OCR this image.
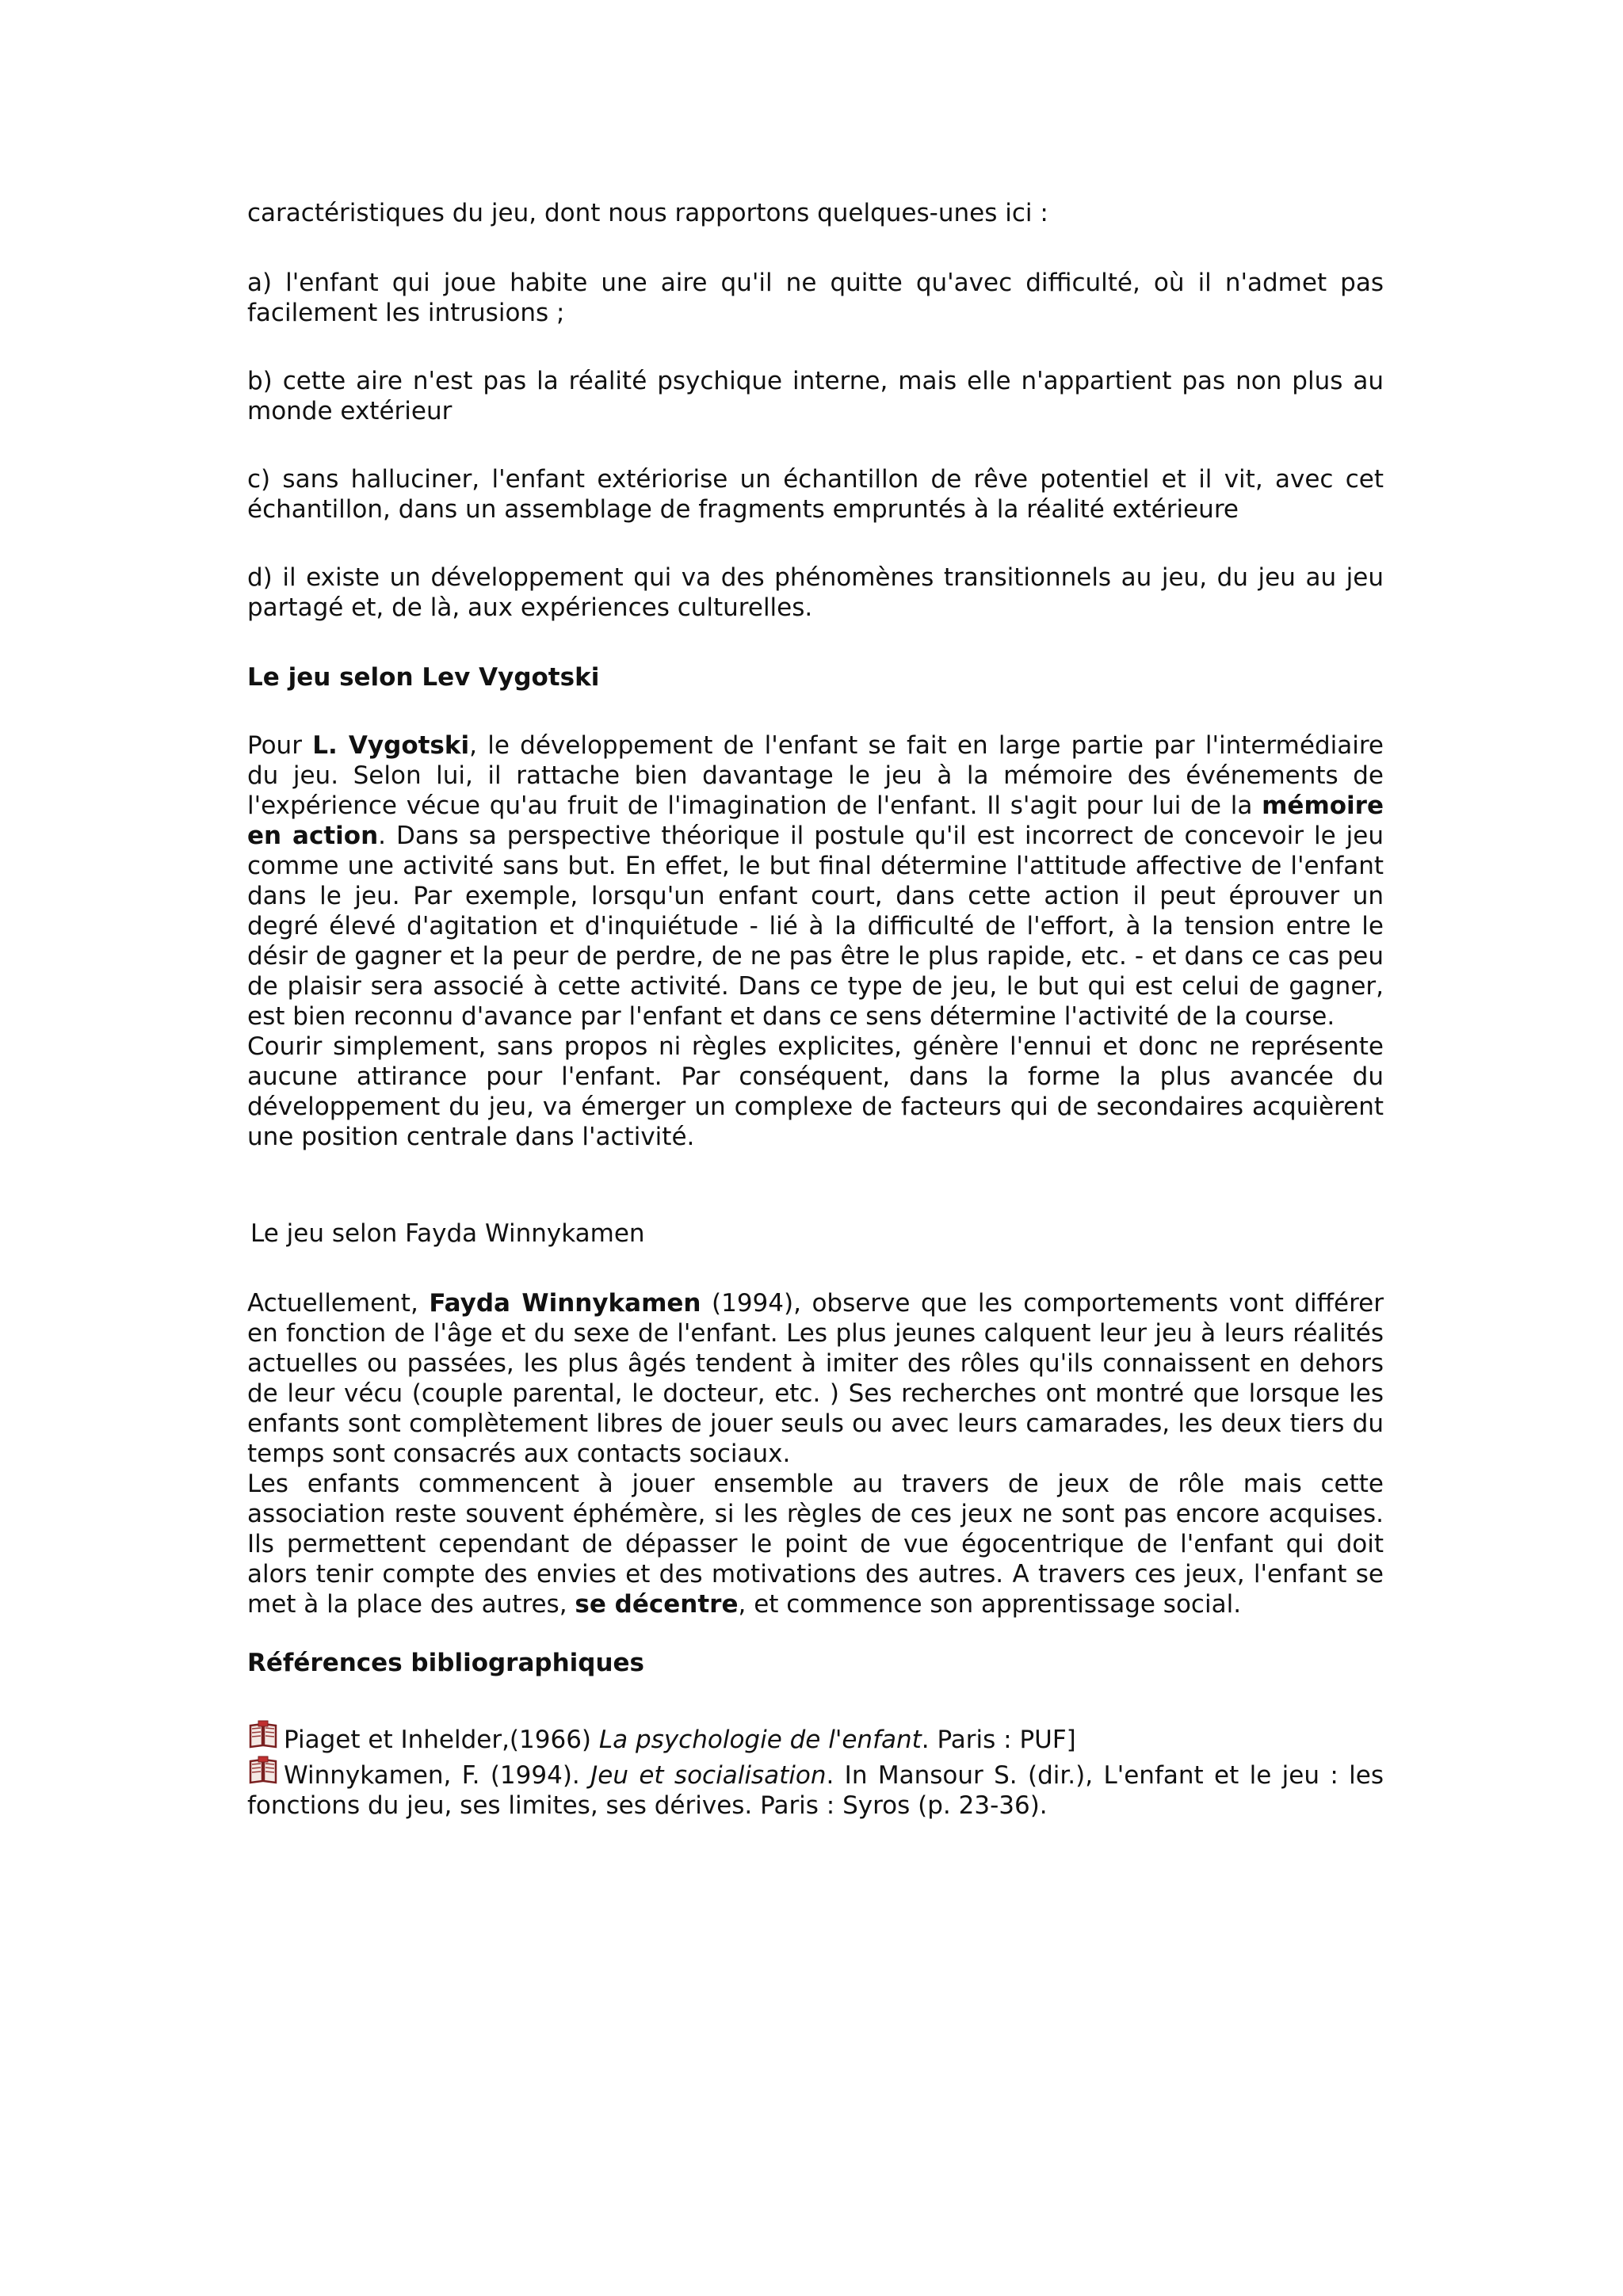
caractéristiques du jeu, dont nous rapportons quelques-unes ici :

a) l'enfant qui joue habite une aire qu'il ne quitte qu'avec difficulté, où il n'admet pas facilement les intrusions ;

b) cette aire n'est pas la réalité psychique interne, mais elle n'appartient pas non plus au monde extérieur

c) sans halluciner, l'enfant extériorise un échantillon de rêve potentiel et il vit, avec cet échantillon, dans un assemblage de fragments empruntés à la réalité extérieure

d) il existe un développement qui va des phénomènes transitionnels au jeu, du jeu au jeu partagé et, de là, aux expériences culturelles.

Le jeu selon Lev Vygotski

Pour L. Vygotski, le développement de l'enfant se fait en large partie par l'intermédiaire du jeu. Selon lui, il rattache bien davantage le jeu à la mémoire des événements de l'expérience vécue qu'au fruit de l'imagination de l'enfant. Il s'agit pour lui de la mémoire en action. Dans sa perspective théorique il postule qu'il est incorrect de concevoir le jeu comme une activité sans but. En effet, le but final détermine l'attitude affective de l'enfant dans le jeu. Par exemple, lorsqu'un enfant court, dans cette action il peut éprouver un degré élevé d'agitation et d'inquiétude - lié à la difficulté de l'effort, à la tension entre le désir de gagner et la peur de perdre, de ne pas être le plus rapide, etc. - et dans ce cas peu de plaisir sera associé à cette activité. Dans ce type de jeu, le but qui est celui de gagner, est bien reconnu d'avance par l'enfant et dans ce sens détermine l'activité de la course.

Courir simplement, sans propos ni règles explicites, génère l'ennui et donc ne représente aucune attirance pour l'enfant. Par conséquent, dans la forme la plus avancée du développement du jeu, va émerger un complexe de facteurs qui de secondaires acquièrent une position centrale dans l'activité.

Le jeu selon Fayda Winnykamen

Actuellement, Fayda Winnykamen (1994), observe que les comportements vont différer en fonction de l'âge et du sexe de l'enfant. Les plus jeunes calquent leur jeu à leurs réalités actuelles ou passées, les plus âgés tendent à imiter des rôles qu'ils connaissent en dehors de leur vécu (couple parental, le docteur, etc. ) Ses recherches ont montré que lorsque les enfants sont complètement libres de jouer seuls ou avec leurs camarades, les deux tiers du temps sont consacrés aux contacts sociaux.
Les enfants commencent à jouer ensemble au travers de jeux de rôle mais cette association reste souvent éphémère, si les règles de ces jeux ne sont pas encore acquises. Ils permettent cependant de dépasser le point de vue égocentrique de l'enfant qui doit alors tenir compte des envies et des motivations des autres. A travers ces jeux, l'enfant se met à la place des autres, se décentre, et commence son apprentissage social.

Références bibliographiques

Piaget et Inhelder,(1966) La psychologie de l'enfant. Paris : PUF]

Winnykamen, F. (1994). Jeu et socialisation. In Mansour S. (dir.), L'enfant et le jeu : les fonctions du jeu, ses limites, ses dérives. Paris : Syros (p. 23-36).
